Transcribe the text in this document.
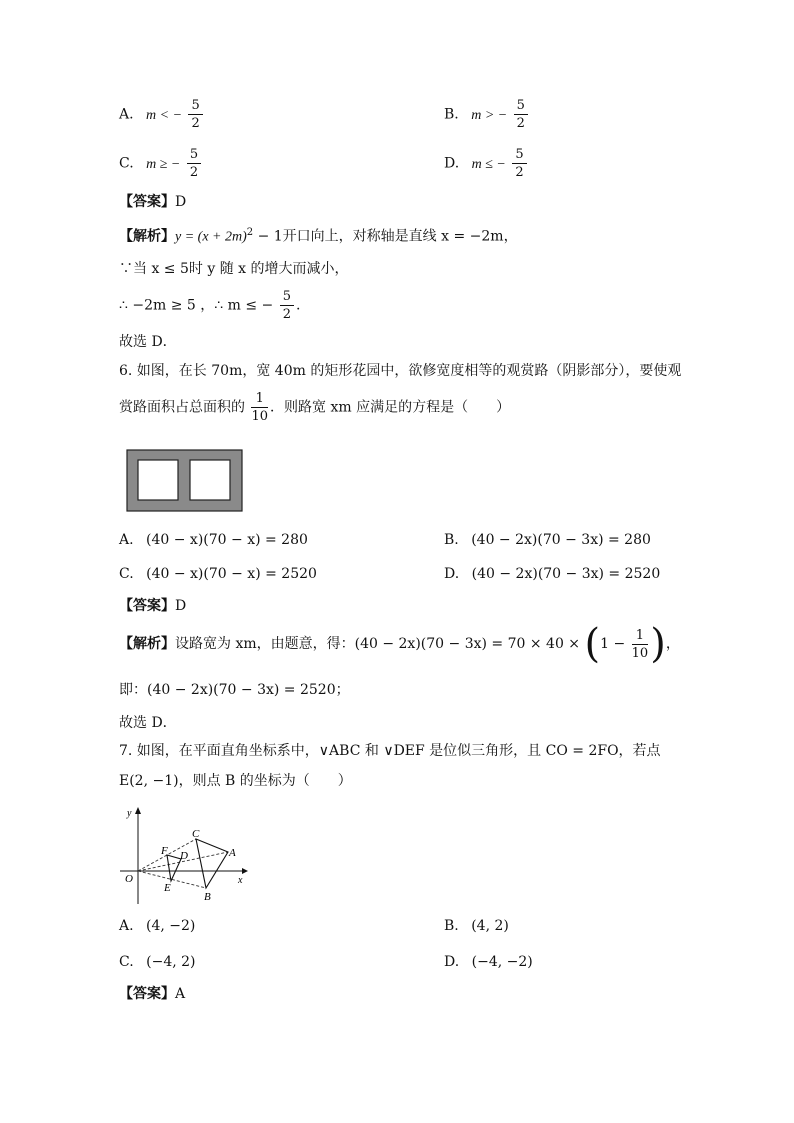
A. m < − $\frac{5}{2}$	B. m > − $\frac{5}{2}$
C. m ≥ − $\frac{5}{2}$	D. m ≤ − $\frac{5}{2}$
【答案】D
【解析】$y = (x + 2m)^2 - 1$开口向上，对称轴是直线 x = −2m，
∵当 x ≤ 5时 y 随 x 的增大而减小，
∴ −2m ≥ 5 ，∴ m ≤ − $\frac{5}{2}$ .
故选 D．
6. 如图，在长 70m，宽 40m 的矩形花园中，欲修宽度相等的观赏路（阴影部分），要使观
赏路面积占总面积的 $\frac{1}{10}$ ．则路宽 xm 应满足的方程是（　　）
A. (40 − x)(70 − x) = 280	B. (40 − 2x)(70 − 3x) = 280
C. (40 − x)(70 − x) = 2520	D. (40 − 2x)(70 − 3x) = 2520
【答案】D
【解析】设路宽为 xm，由题意，得：$(40 - 2x)(70 - 3x) = 70 \times 40 \times (1 - \frac{1}{10}$ )，
即：(40 − 2x)(70 − 3x) = 2520；
故选 D．
7. 如图，在平面直角坐标系中，∨ABC 和 ∨DEF 是位似三角形，且 CO = 2FO，若点
E(2, −1)，则点 B 的坐标为（　　）
y
x
O
C
A
B
F D
E
A. (4, −2)	B. (4, 2)
C. (−4, 2)	D. (−4, −2)
【答案】A
